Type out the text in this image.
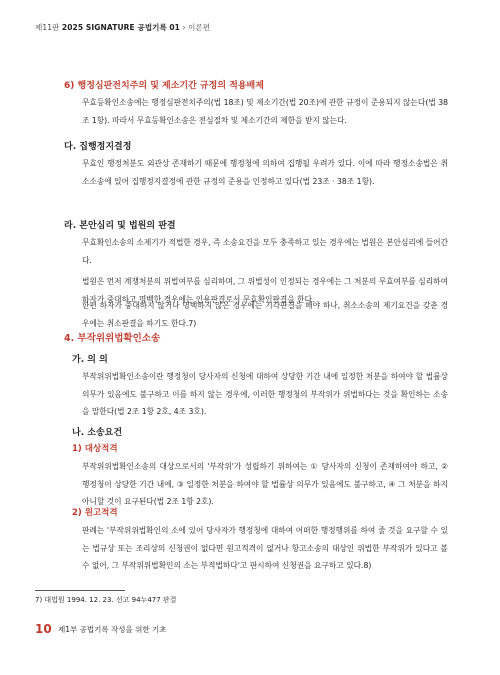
제11판 2025 SIGNATURE 공법기록 01 › 이론편
6) 행정심판전치주의 및 제소기간 규정의 적용배제
무효등확인소송에는 행정심판전치주의(법 18조) 및 제소기간(법 20조)에 관한 규정이 준용되지 않는다(법 38조 1항). 따라서 무효등확인소송은 전심절차 및 제소기간의 제한을 받지 않는다.
다. 집행정지결정
무효인 행정처분도 외관상 존재하기 때문에 행정청에 의하여 집행될 우려가 있다. 이에 따라 행정소송법은 취소소송에 있어 집행정지결정에 관한 규정의 준용을 인정하고 있다(법 23조 · 38조 1항).
라. 본안심리 및 법원의 판결
무효확인소송의 소제기가 적법한 경우, 즉 소송요건을 모두 충족하고 있는 경우에는 법원은 본안심리에 들어간다.
법원은 먼저 계쟁처분의 위법여부를 심리하며, 그 위법성이 인정되는 경우에는 그 처분의 무효여부를 심리하여 하자가 중대하고 명백한 경우에는 인용판결로서 무효확인판결을 한다.
한편 하자가 중대하지 않거나 명백하지 않은 경우에는 기각판결을 해야 하나, 취소소송의 제기요건을 갖춘 경우에는 취소판결을 하기도 한다.7)
4. 부작위위법확인소송
가. 의 의
부작위위법확인소송이란 행정청이 당사자의 신청에 대하여 상당한 기간 내에 일정한 처분을 하여야 할 법률상 의무가 있음에도 불구하고 이를 하지 않는 경우에, 이러한 행정청의 부작위가 위법하다는 것을 확인하는 소송을 말한다(법 2조 1항 2호, 4조 3호).
나. 소송요건
1) 대상적격
부작위위법확인소송의 대상으로서의 '부작위'가 성립하기 위하여는 ① 당사자의 신청이 존재하여야 하고, ② 행정청이 상당한 기간 내에, ③ 일정한 처분을 하여야 할 법률상 의무가 있음에도 불구하고, ④ 그 처분을 하지 아니할 것이 요구된다(법 2조 1항 2호).
2) 원고적격
판례는 '부작위위법확인의 소에 있어 당사자가 행정청에 대하여 어떠한 행정행위를 하여 줄 것을 요구할 수 있는 법규상 또는 조리상의 신청권이 없다면 원고적격이 없거나 항고소송의 대상인 위법한 부작위가 있다고 볼 수 없어, 그 부작위위법확인의 소는 부적법하다'고 판시하여 신청권을 요구하고 있다.8)
7) 대법원 1994. 12. 23. 선고 94누477 판결
10 제1부 공법기록 작성을 위한 기초
